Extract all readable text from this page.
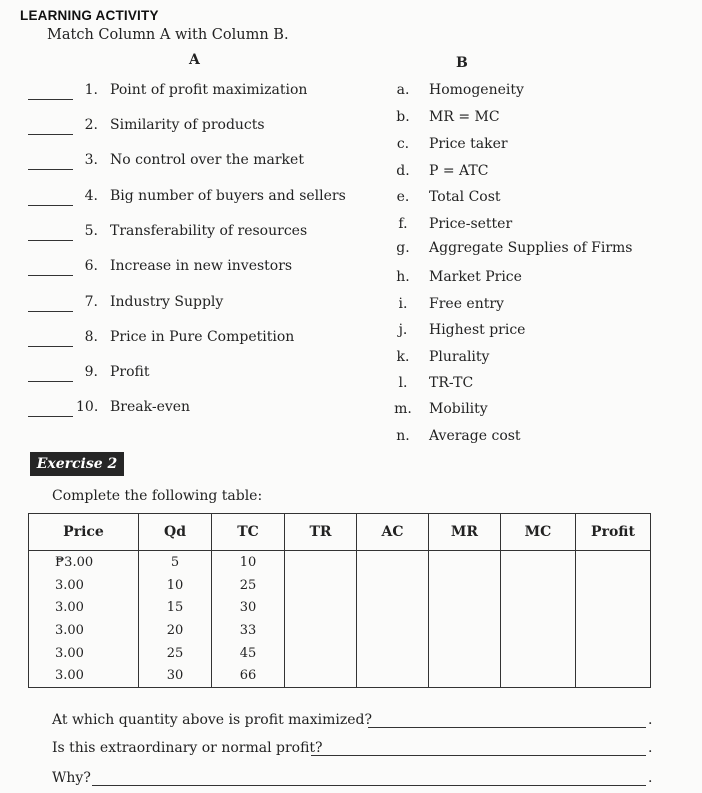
LEARNING ACTIVITY
Match Column A with Column B.
A	B
1. Point of profit maximization
2. Similarity of products
3. No control over the market
4. Big number of buyers and sellers
5. Transferability of resources
6. Increase in new investors
7. Industry Supply
8. Price in Pure Competition
9. Profit
10. Break-even
a.	Homogeneity
b.	MR = MC
c.	Price taker
d.	P = ATC
e.	Total Cost
f.	Price-setter
g.	Aggregate Supplies of Firms
h.	Market Price
i.	Free entry
j.	Highest price
k.	Plurality
l.	TR-TC
m. Mobility
n.	Average cost
Exercise 2
Complete the following table:
Price	Qd	TC	TR	AC	MR	MC	Profit
₱3.00	5	10					
3.00	10	25					
3.00	15	30					
3.00	20	33					
3.00	25	45					
3.00	30	66					
At which quantity above is profit maximized?	.
Is this extraordinary or normal profit?	.
Why?	.
